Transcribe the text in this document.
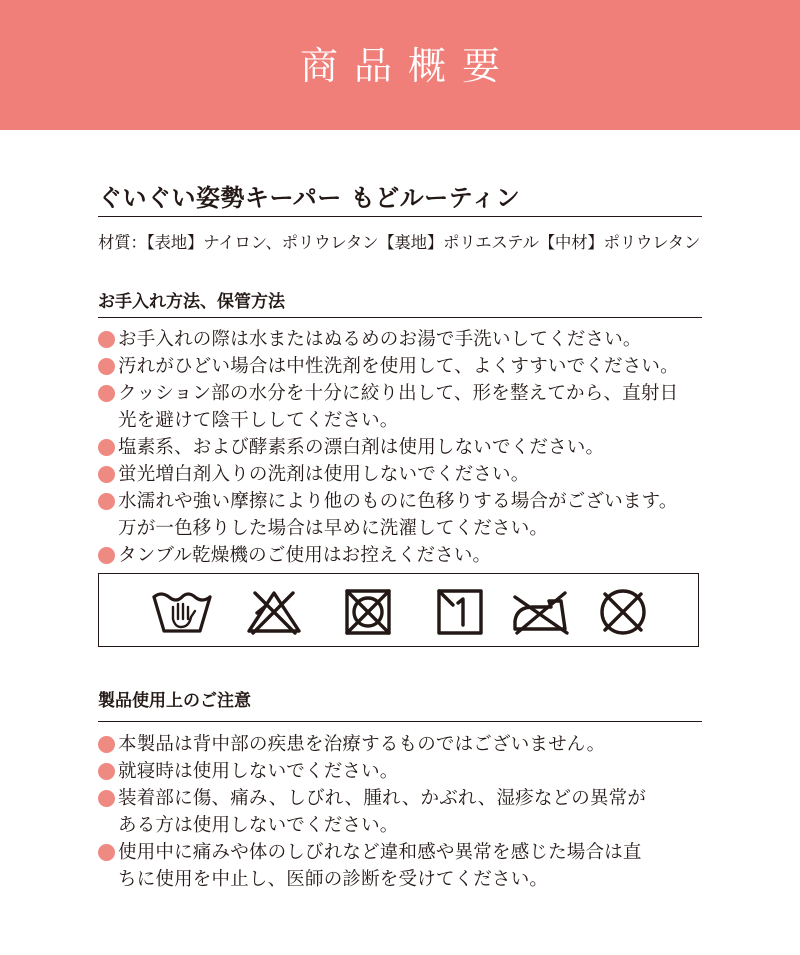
商品概要
ぐいぐい姿勢キーパー もどルーティン
材質：【表地】ナイロン、ポリウレタン【裏地】ポリエステル【中材】ポリウレタン
お手入れ方法、保管方法
お手入れの際は水またはぬるめのお湯で手洗いしてください。
汚れがひどい場合は中性洗剤を使用して、よくすすいでください。
クッション部の水分を十分に絞り出して、形を整えてから、直射日
光を避けて陰干ししてください。
塩素系、および酵素系の漂白剤は使用しないでください。
蛍光増白剤入りの洗剤は使用しないでください。
水濡れや強い摩擦により他のものに色移りする場合がございます。
万が一色移りした場合は早めに洗濯してください。
タンブル乾燥機のご使用はお控えください。
製品使用上のご注意
本製品は背中部の疾患を治療するものではございません。
就寝時は使用しないでください。
装着部に傷、痛み、しびれ、腫れ、かぶれ、湿疹などの異常が
ある方は使用しないでください。
使用中に痛みや体のしびれなど違和感や異常を感じた場合は直
ちに使用を中止し、医師の診断を受けてください。
